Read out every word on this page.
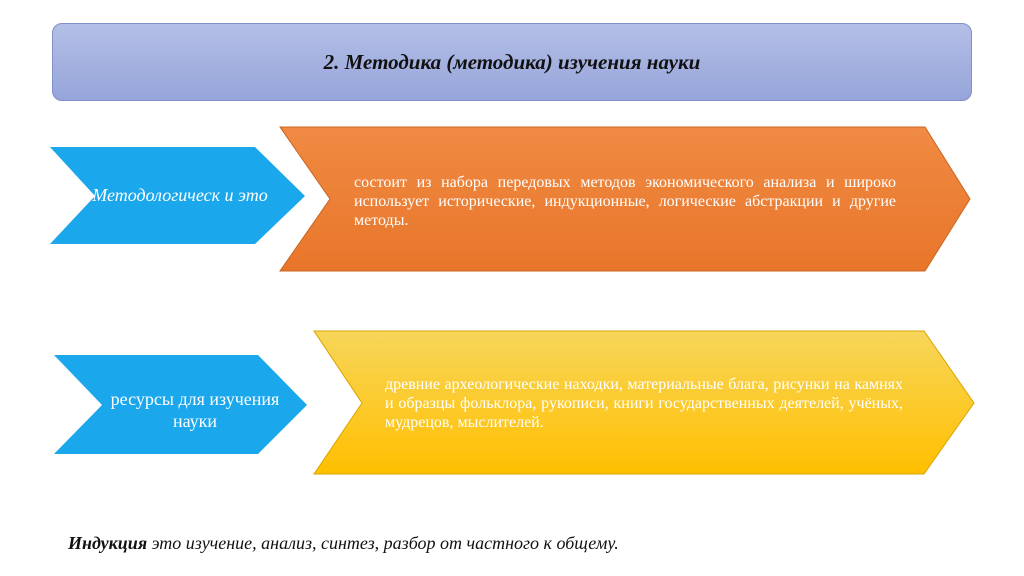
2. Методика (методика) изучения науки
Методологическ и это
состоит из набора передовых методов экономического анализа и широко использует исторические, индукционные, логические абстракции и другие методы.
ресурсы для изучения науки
древние археологические находки, материальные блага, рисунки на камнях и образцы фольклора, рукописи, книги государственных деятелей, учёных, мудрецов, мыслителей.
Индукция это изучение, анализ, синтез, разбор от частного к общему.
